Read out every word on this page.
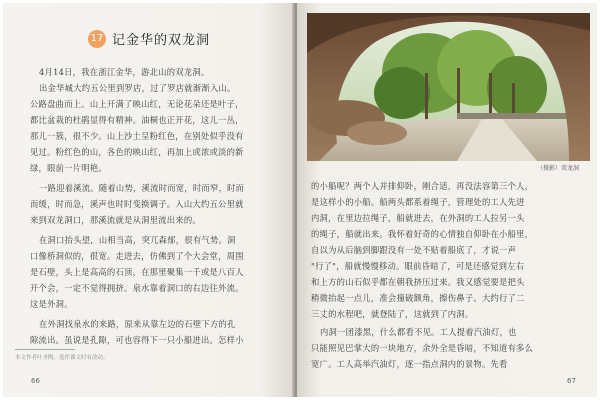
17 记金华的双龙洞
4月14日，我在浙江金华，游北山的双龙洞。
出金华城大约五公里到罗店，过了罗店就渐渐入山。
公路盘曲而上。山上开满了映山红，无论花朵还是叶子，
都比盆栽的杜鹃显得有精神。油桐也正开花，这儿一丛，
那儿一簇，很不少。山上沙土呈粉红色，在别处似乎没有
见过。粉红色的山，各色的映山红，再加上或浓或淡的新
绿，眼前一片明艳。
一路迎着溪流。随着山势，溪流时而宽，时而窄，时而
而缓，时而急，溪声也时时变换调子。入山大约五公里就
来到双龙洞口，那溪流就是从洞里流出来的。
在洞口抬头望，山相当高，突兀森郁，很有气势。洞
口像桥洞似的，很宽。走进去，仿佛到了个大会堂，周围
是石壁，头上是高高的石顶，在那里聚集一千或是八百人
开个会，一定不觉得拥挤。泉水靠着洞口的右边往外流。
这是外洞。
在外洞找泉水的来路，原来从靠左边的石壁下方的孔
隙流出。虽说是孔隙，可也容得下一只小船进出。怎样小
本文作者叶圣陶，选作课文时有改动。
66
（摄影）双龙洞
的小船呢？两个人并排仰卧，刚合适，再没法容第三个人，
是这样小的小船。船两头都系着绳子，管理处的工人先进
内洞，在里边拉绳子，船就进去，在外洞的工人拉另一头
的绳子，船就出来。我怀着好奇的心情独自仰卧在小船里，
自以为从后脑到脚跟没有一处不贴着船底了，才说一声
"行了"，船就慢慢移动。眼前昏暗了，可是还感觉到左右
和上方的山石似乎都在朝我挤压过来。我又感觉要是把头
稍微抬起一点儿，准会撞破额角，擦伤鼻子。大约行了二
三丈的水程吧，就登陆了，这就到了内洞。
内洞一团漆黑，什么都看不见。工人提着汽油灯，也
只能照见巴掌大的一块地方，余外全是昏暗，不知道有多么
宽广。工人高举汽油灯，逐一指点洞内的景物。先看
67
